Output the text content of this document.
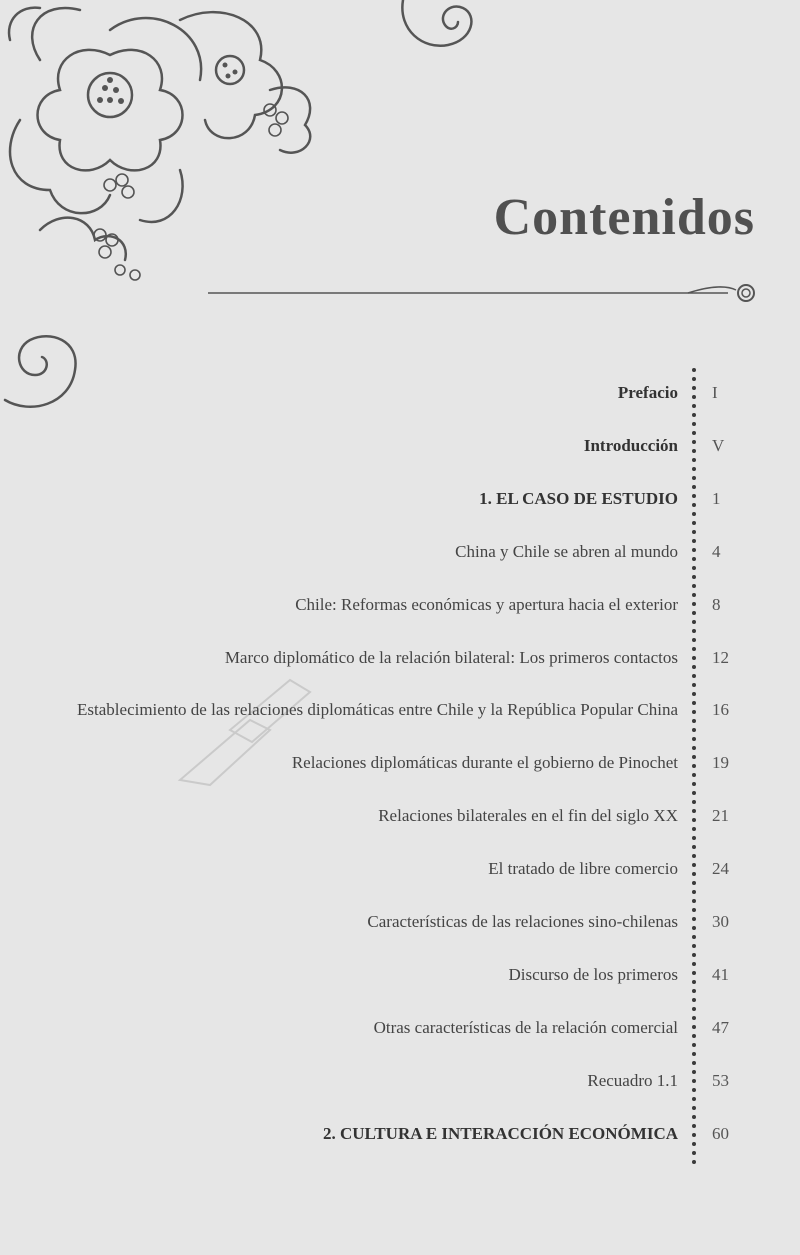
Contenidos
Prefacio I
Introducción V
1. EL CASO DE ESTUDIO 1
China y Chile se abren al mundo 4
Chile: Reformas económicas y apertura hacia el exterior 8
Marco diplomático de la relación bilateral: Los primeros contactos 12
Establecimiento de las relaciones diplomáticas entre Chile y la República Popular China 16
Relaciones diplomáticas durante el gobierno de Pinochet 19
Relaciones bilaterales en el fin del siglo XX 21
El tratado de libre comercio 24
Características de las relaciones sino-chilenas 30
Discurso de los primeros 41
Otras características de la relación comercial 47
Recuadro 1.1 53
2. CULTURA E INTERACCIÓN ECONÓMICA 60
